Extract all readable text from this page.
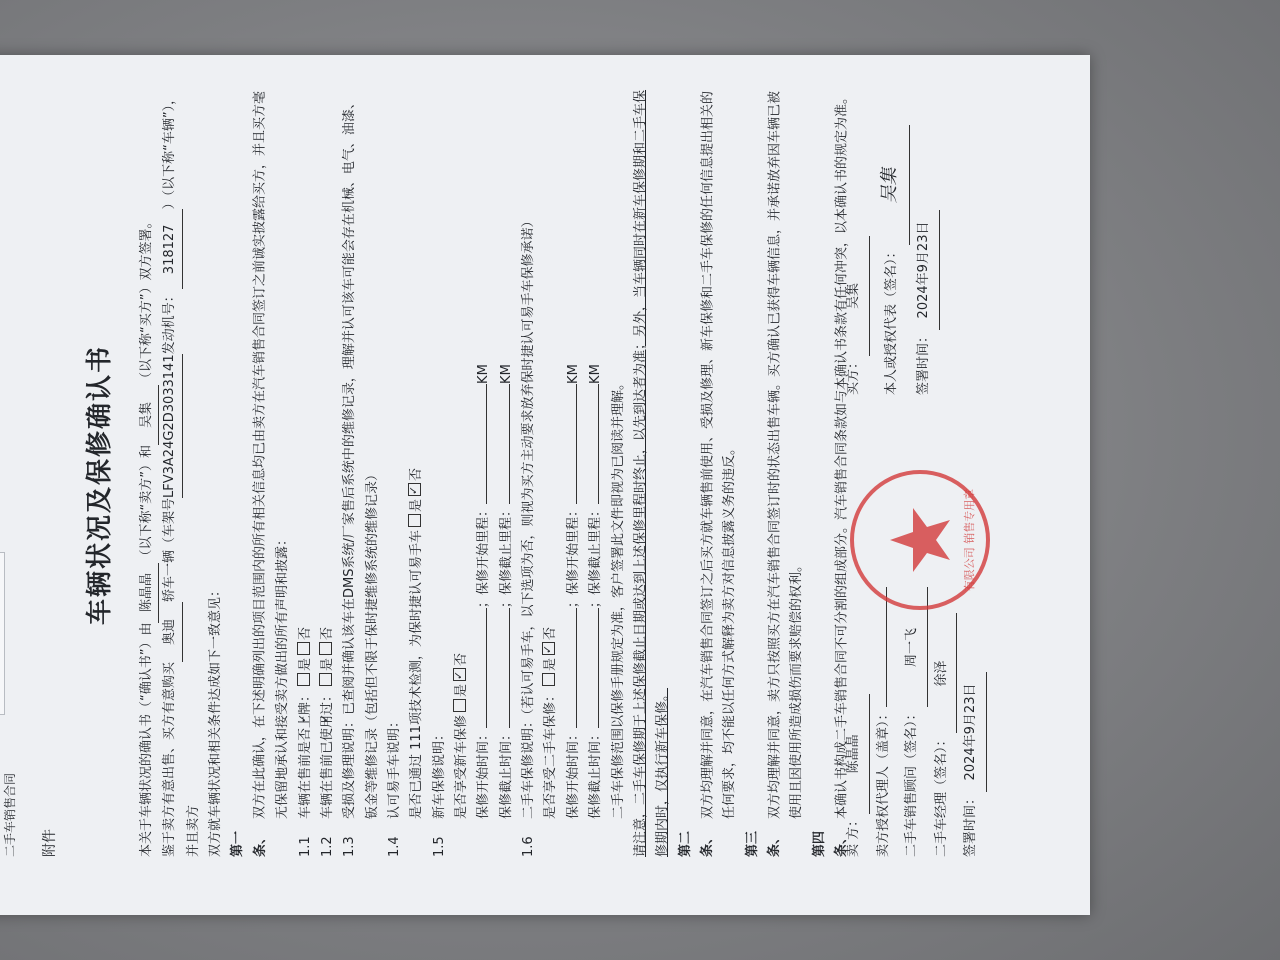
二手车销售合同 附件
车辆状况及保修确认书

本关于车辆状况的确认书（“确认书”）由陈晶晶（以下称“卖方”）和吴集（以下称“买方”）双方签署。

鉴于卖方有意出售、买方有意购买奥迪轿车一辆（车架号LFV3A24G2D3033141发动机号：318127）（以下称“车辆”），并且卖方 双方就车辆状况和相关条件达成如下一致意见： 第一条、双方在此确认，在下述明确列出的项目范围内的所有相关信息均已由卖方在汽车销售合同签订之前诚实披露给买方，并且买方毫无保留地承认和接受卖方做出的所有声明和披露：

1.1车辆在售前是否上牌：✓是否

1.2车辆在售前已使用过：✓是否

1.3受损及修理说明：已查阅并确认该车在DMS系统/厂家售后系统中的维修记录，理解并认可该车可能会存在机械、电气、油漆、钣金等维修记录（包括但不限于保时捷维修系统的维修记录）

1.4认可易手车说明： 是否已通过 111项技术检测，为保时捷认可易手车是✓否

1.5新车保修说明： 是否享受新车保修是✓否

保修开始时间：；保修开始里程：KM

保修截止时间：；保修截止里程：KM

1.6二手车保修说明：（若认可易手车，以下选项为否，则视为买方主动要求放弃保时捷认可易手车保修承诺） 是否享受二手车保修：是✓否

保修开始时间：；保修开始里程：KM

保修截止时间：；保修截止里程：KM

二手车保修范围以保修手册规定为准，客户签署此文件即视为已阅读并理解。 请注意，二手车保修期于上述保修截止日期或达到上述保修里程时终止，以先到达者为准；另外，当车辆同时在新车保修期和二手车保修期内时，仅执行新车保修。 第二条、双方均理解并同意，在汽车销售合同签订之后买方就车辆售前使用、受损及修理、新车保修和二手车保修的任何信息提出相关的任何要求，均不能以任何方式解释为卖方对信息披露义务的违反。

第三条、双方均理解并同意，卖方只按照买方在汽车销售合同签订时的状态出售车辆。买方确认已获得车辆信息，并承诺放弃因车辆已被使用且因使用所造成损伤而要求赔偿的权利。

第四条、本确认书构成二手车销售合同不可分割的组成部分。汽车销售合同条款如与本确认书条款有任何冲突，以本确认书的规定为准。

卖 方：陈晶晶	卖方授权代理人（盖章）：	二手车销售顾问（签名）：周一飞
二手车经理（签名）：徐泽
签署时间：2024年9月23日
有限公司 销售专用章
买方：吴集	本人或授权代表（签名）：吴集
签署时间：2024年9月23日
